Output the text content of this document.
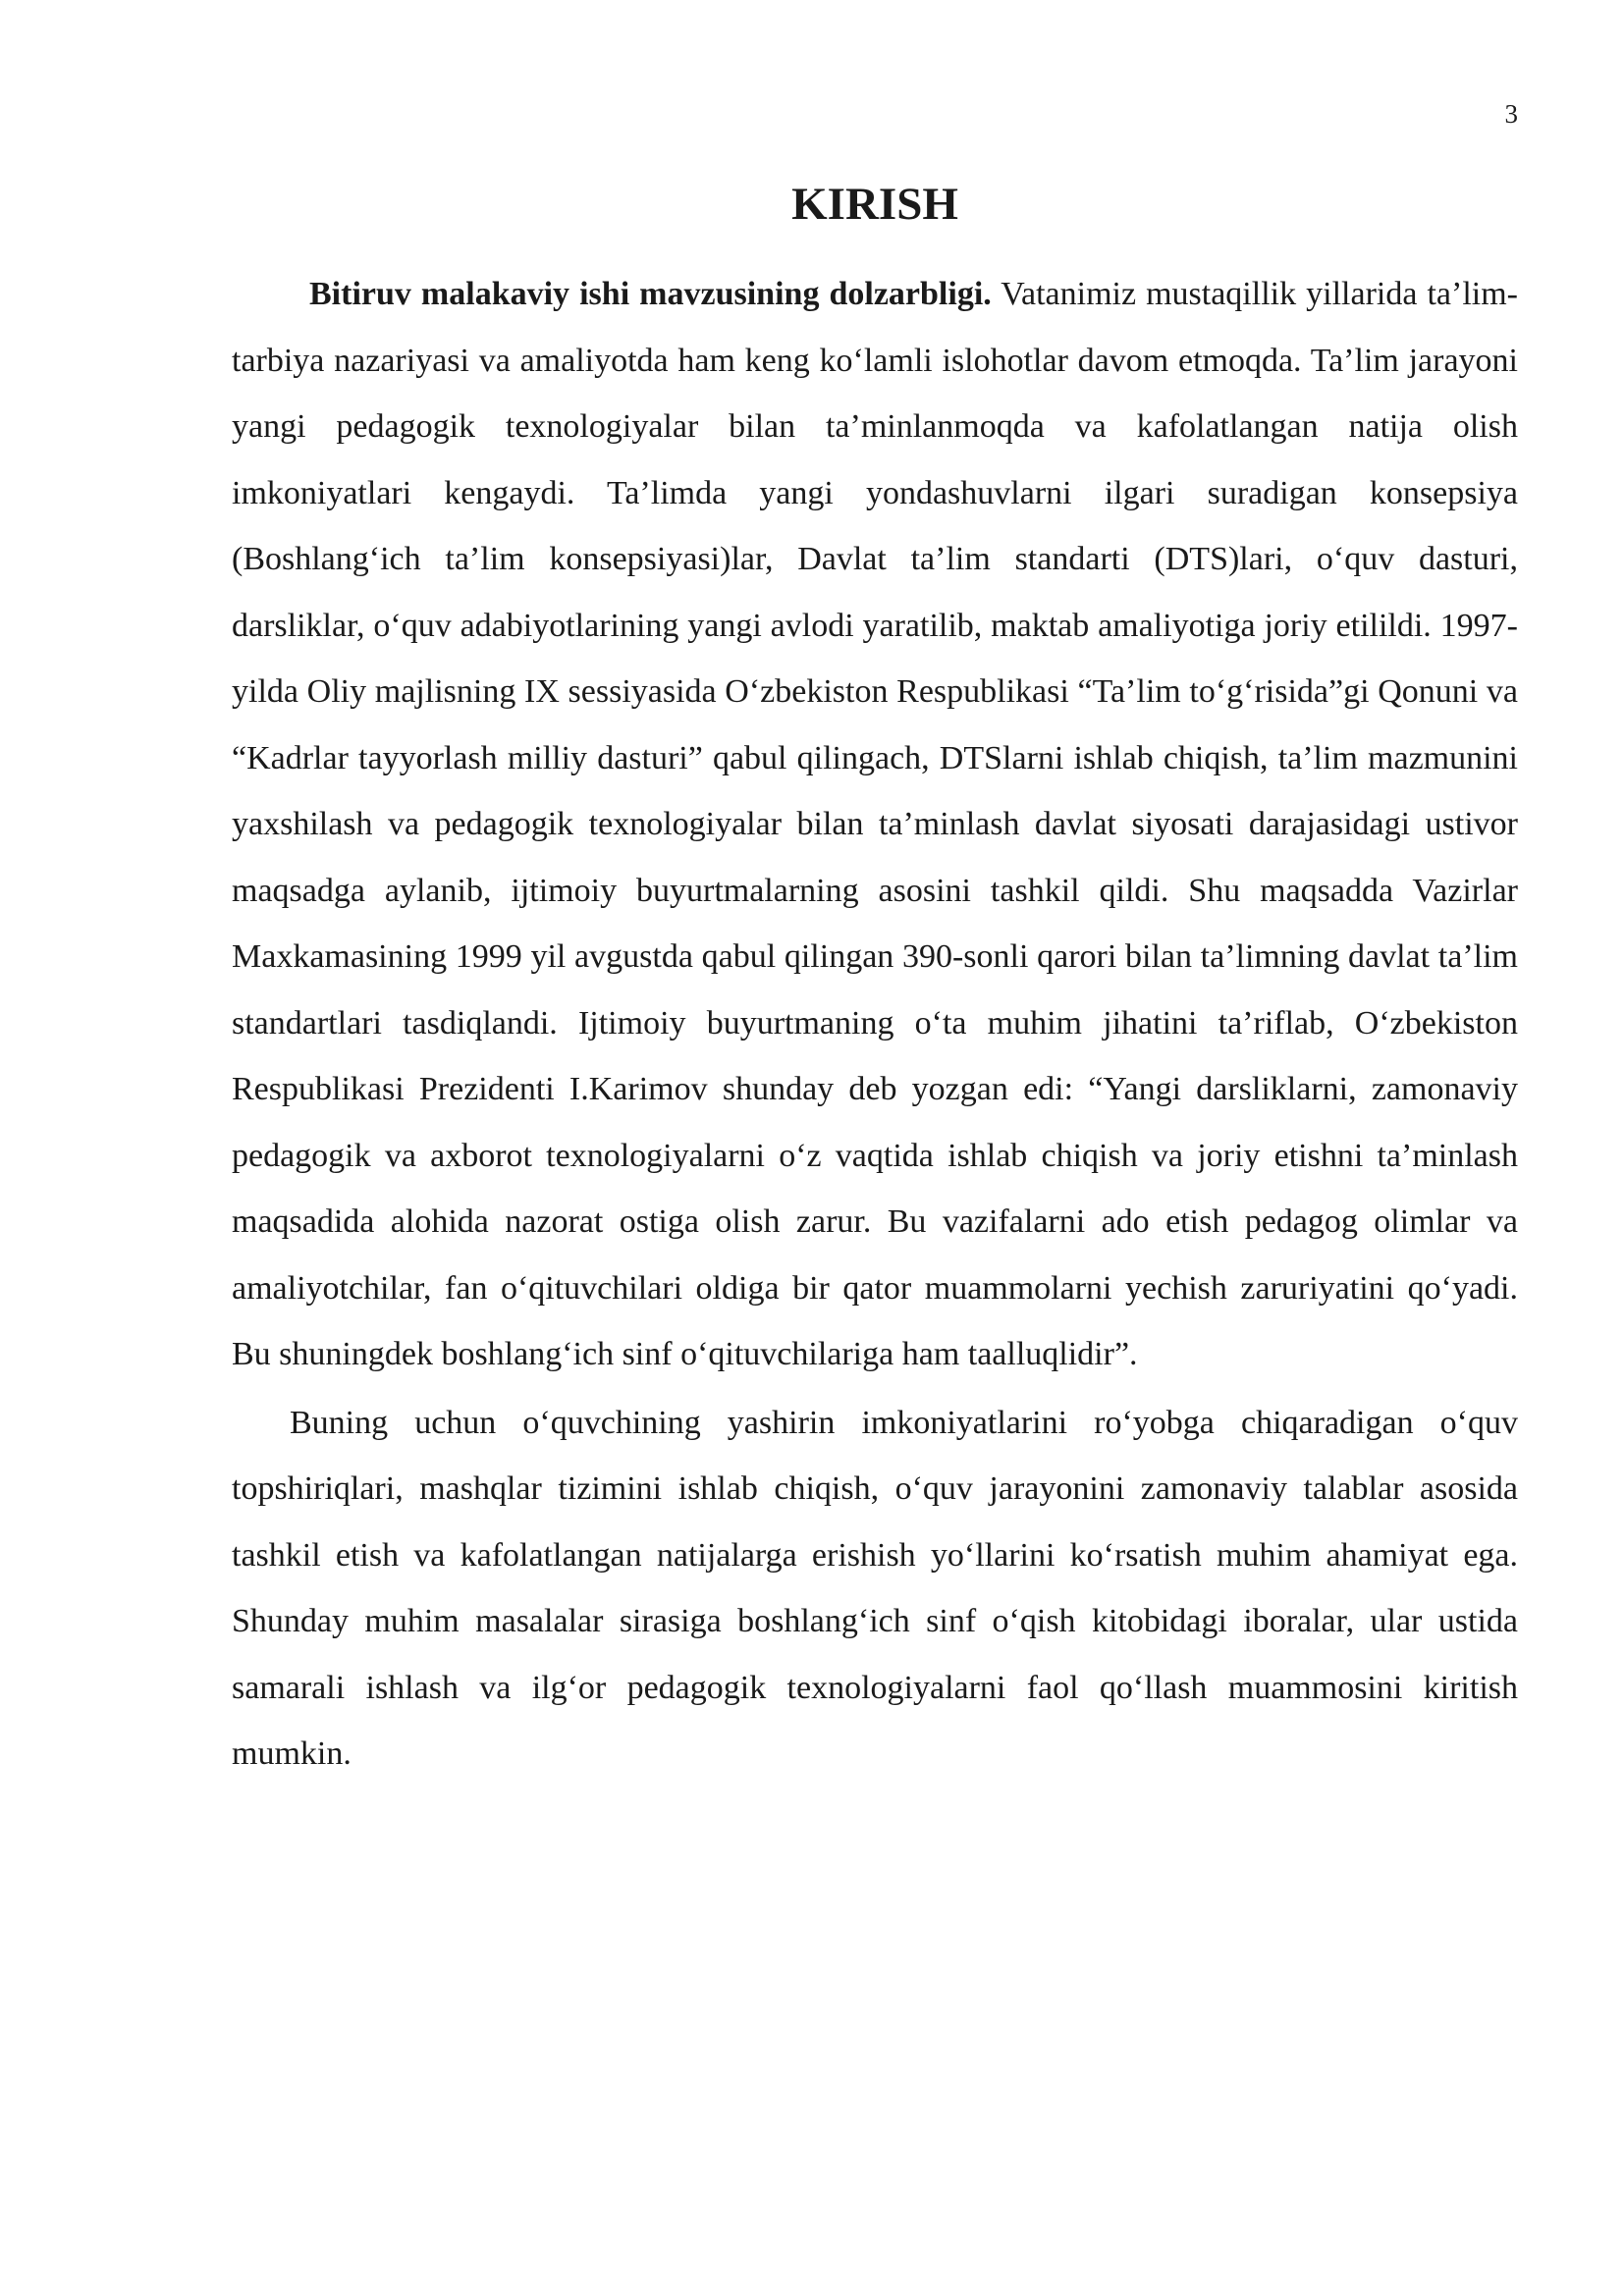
3
KIRISH

Bitiruv malakaviy ishi mavzusining dolzarbligi. Vatanimiz mustaqillik yillarida ta’lim-tarbiya nazariyasi va amaliyotda ham keng ko‘lamli islohotlar davom etmoqda. Ta’lim jarayoni yangi pedagogik texnologiyalar bilan ta’minlanmoqda va kafolatlangan natija olish imkoniyatlari kengaydi. Ta’limda yangi yondashuvlarni ilgari suradigan konsepsiya (Boshlang‘ich ta’lim konsepsiyasi)lar, Davlat ta’lim standarti (DTS)lari, o‘quv dasturi, darsliklar, o‘quv adabiyotlarining yangi avlodi yaratilib, maktab amaliyotiga joriy etilildi. 1997- yilda Oliy majlisning IX sessiyasida O‘zbekiston Respublikasi “Ta’lim to‘g‘risida”gi Qonuni va “Kadrlar tayyorlash milliy dasturi” qabul qilingach, DTSlarni ishlab chiqish, ta’lim mazmunini yaxshilash va pedagogik texnologiyalar bilan ta’minlash davlat siyosati darajasidagi ustivor maqsadga aylanib, ijtimoiy buyurtmalarning asosini tashkil qildi. Shu maqsadda Vazirlar Maxkamasining 1999 yil avgustda qabul qilingan 390-sonli qarori bilan ta’limning davlat ta’lim standartlari tasdiqlandi. Ijtimoiy buyurtmaning o‘ta muhim jihatini ta’riflab, O‘zbekiston Respublikasi Prezidenti I.Karimov shunday deb yozgan edi: “Yangi darsliklarni, zamonaviy pedagogik va axborot texnologiyalarni o‘z vaqtida ishlab chiqish va joriy etishni ta’minlash maqsadida alohida nazorat ostiga olish zarur. Bu vazifalarni ado etish pedagog olimlar va amaliyotchilar, fan o‘qituvchilari oldiga bir qator muammolarni yechish zaruriyatini qo‘yadi. Bu shuningdek boshlang‘ich sinf o‘qituvchilariga ham taalluqlidir”.

Buning uchun o‘quvchining yashirin imkoniyatlarini ro‘yobga chiqaradigan o‘quv topshiriqlari, mashqlar tizimini ishlab chiqish, o‘quv jarayonini zamonaviy talablar asosida tashkil etish va kafolatlangan natijalarga erishish yo‘llarini ko‘rsatish muhim ahamiyat ega. Shunday muhim masalalar sirasiga boshlang‘ich sinf o‘qish kitobidagi iboralar, ular ustida samarali ishlash va ilg‘or pedagogik texnologiyalarni faol qo‘llash muammosini kiritish mumkin.
